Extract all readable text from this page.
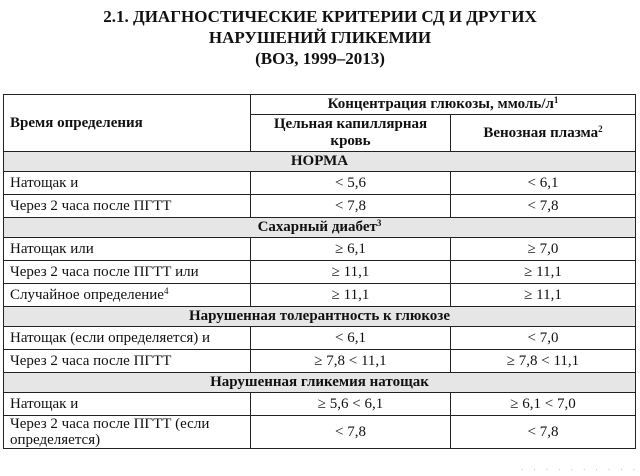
2.1. ДИАГНОСТИЧЕСКИЕ КРИТЕРИИ СД И ДРУГИХ
НАРУШЕНИЙ ГЛИКЕМИИ
(ВОЗ, 1999–2013)
Время определения	Концентрация глюкозы, ммоль/$л^1$
	Цельная капиллярная кровь	Венозная плазма$^2$
НОРМА		
Натощак и	< 5,6	< 6,1
Через 2 часа после ПГТТ	< 7,8	< 7,8
Сахарный диабет$^3$
Натощак или	≥ 6,1	≥ 7,0
Через 2 часа после ПГТТ или	≥ 11,1	≥ 11,1
Случайное определение$^4$	≥ 11,1	≥ 11,1
Нарушенная толерантность к глюкозе		
Натощак (если определяется) и	< 6,1	< 7,0
Через 2 часа после ПГТТ	≥ 7,8 < 11,1	≥ 7,8 < 11,1
Нарушенная гликемия натощак		
Натощак и	≥ 5,6 < 6,1	≥ 6,1 < 7,0
Через 2 часа после ПГТТ (если определяется)	< 7,8	< 7,8
· · · · · · · · · ·
